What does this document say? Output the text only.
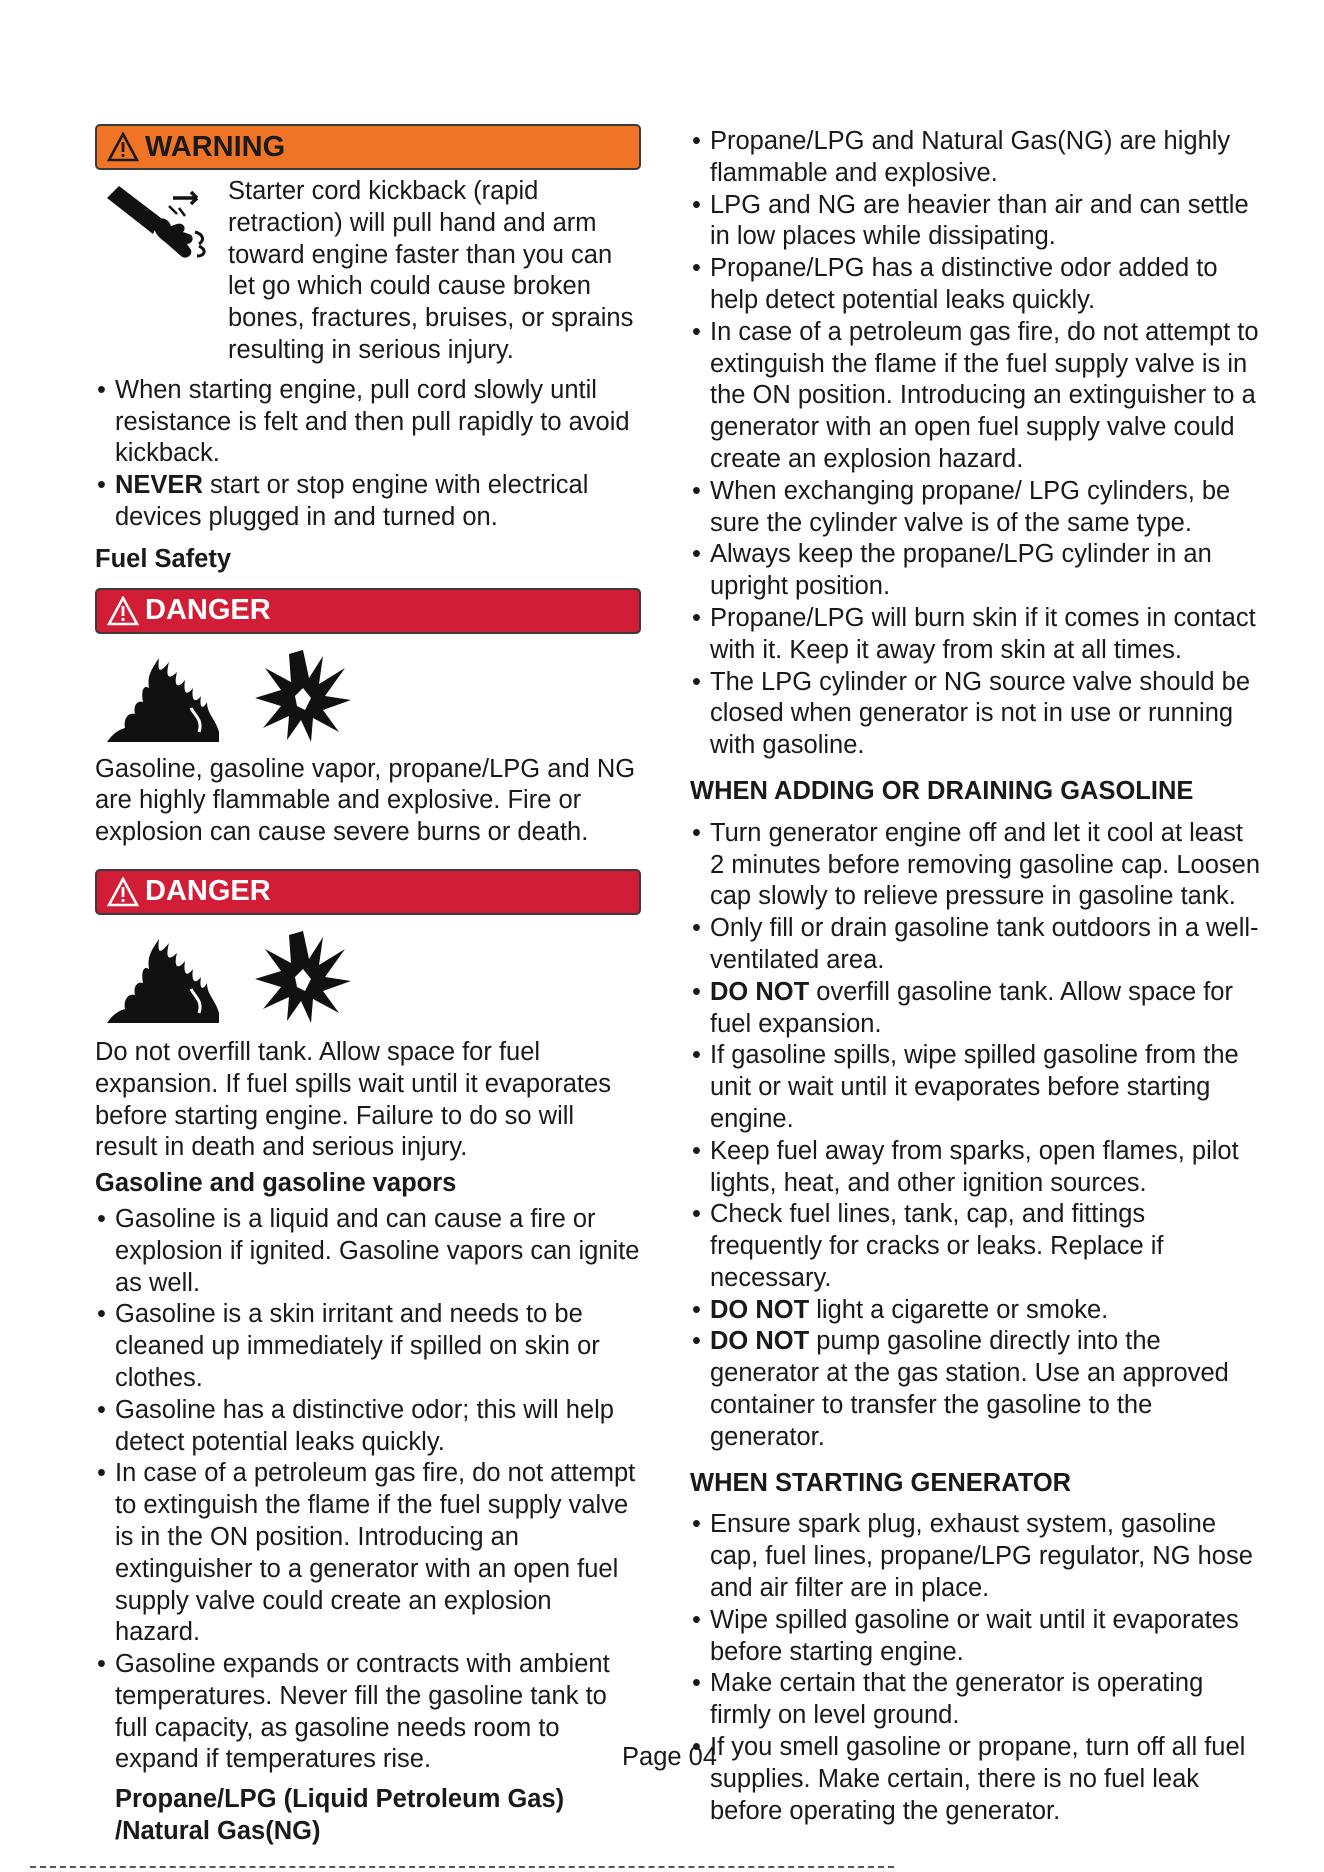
WARNING

Starter cord kickback (rapid retraction) will pull hand and arm toward engine faster than you can let go which could cause broken bones, fractures, bruises, or sprains resulting in serious injury.

• When starting engine, pull cord slowly until resistance is felt and then pull rapidly to avoid kickback.
• NEVER start or stop engine with electrical devices plugged in and turned on.

Fuel Safety

DANGER

Gasoline, gasoline vapor, propane/LPG and NG are highly flammable and explosive. Fire or explosion can cause severe burns or death.

DANGER

Do not overfill tank. Allow space for fuel expansion. If fuel spills wait until it evaporates before starting engine. Failure to do so will result in death and serious injury.

Gasoline and gasoline vapors

• Gasoline is a liquid and can cause a fire or explosion if ignited. Gasoline vapors can ignite as well.
• Gasoline is a skin irritant and needs to be cleaned up immediately if spilled on skin or clothes.
• Gasoline has a distinctive odor; this will help detect potential leaks quickly.
• In case of a petroleum gas fire, do not attempt to extinguish the flame if the fuel supply valve is in the ON position. Introducing an extinguisher to a generator with an open fuel supply valve could create an explosion hazard.
• Gasoline expands or contracts with ambient temperatures. Never fill the gasoline tank to full capacity, as gasoline needs room to expand if temperatures rise.

Propane/LPG (Liquid Petroleum Gas)
/Natural Gas(NG)

• Propane/LPG and Natural Gas(NG) are highly flammable and explosive.
• LPG and NG are heavier than air and can settle in low places while dissipating.
• Propane/LPG has a distinctive odor added to help detect potential leaks quickly.
• In case of a petroleum gas fire, do not attempt to extinguish the flame if the fuel supply valve is in the ON position. Introducing an extinguisher to a generator with an open fuel supply valve could create an explosion hazard.
• When exchanging propane/ LPG cylinders, be sure the cylinder valve is of the same type.
• Always keep the propane/LPG cylinder in an upright position.
• Propane/LPG will burn skin if it comes in contact with it. Keep it away from skin at all times.
• The LPG cylinder or NG source valve should be closed when generator is not in use or running with gasoline.

WHEN ADDING OR DRAINING GASOLINE

• Turn generator engine off and let it cool at least 2 minutes before removing gasoline cap. Loosen cap slowly to relieve pressure in gasoline tank.
• Only fill or drain gasoline tank outdoors in a well-ventilated area.
• DO NOT overfill gasoline tank. Allow space for fuel expansion.
• If gasoline spills, wipe spilled gasoline from the unit or wait until it evaporates before starting engine.
• Keep fuel away from sparks, open flames, pilot lights, heat, and other ignition sources.
• Check fuel lines, tank, cap, and fittings frequently for cracks or leaks. Replace if necessary.
• DO NOT light a cigarette or smoke.
• DO NOT pump gasoline directly into the generator at the gas station. Use an approved container to transfer the gasoline to the generator.

WHEN STARTING GENERATOR

• Ensure spark plug, exhaust system, gasoline cap, fuel lines, propane/LPG regulator, NG hose and air filter are in place.
• Wipe spilled gasoline or wait until it evaporates before starting engine.
• Make certain that the generator is operating firmly on level ground.
• If you smell gasoline or propane, turn off all fuel supplies. Make certain, there is no fuel leak before operating the generator.
Page 04
